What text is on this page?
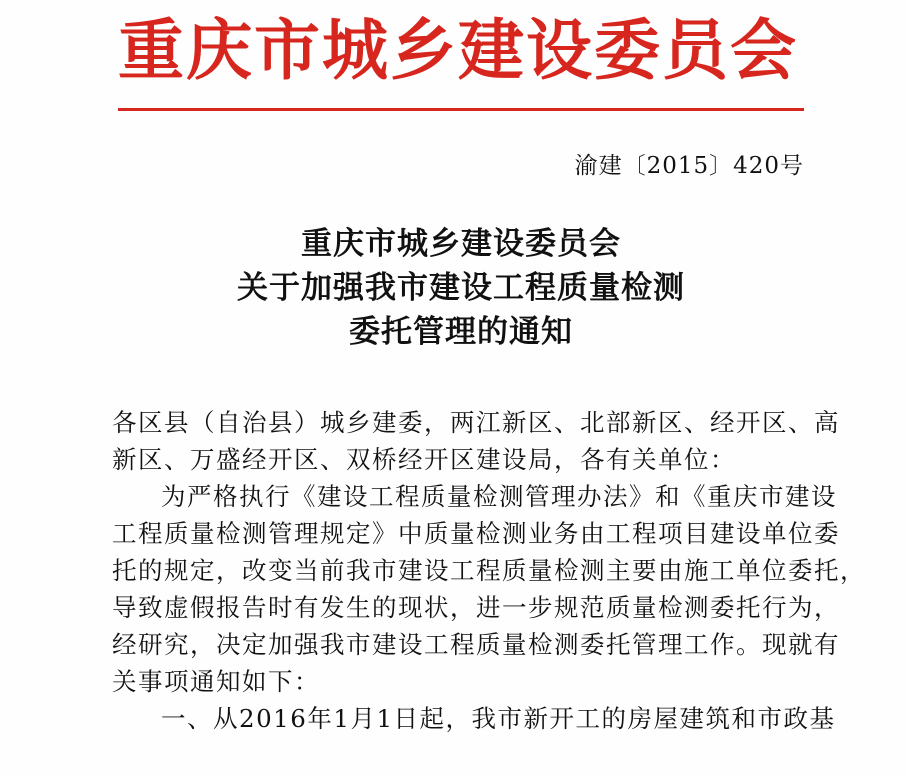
重庆市城乡建设委员会
渝建〔2015〕420号
重庆市城乡建设委员会
关于加强我市建设工程质量检测
委托管理的通知
各区县（自治县）城乡建委，两江新区、北部新区、经开区、高
新区、万盛经开区、双桥经开区建设局，各有关单位：
为严格执行《建设工程质量检测管理办法》和《重庆市建设
工程质量检测管理规定》中质量检测业务由工程项目建设单位委
托的规定，改变当前我市建设工程质量检测主要由施工单位委托，
导致虚假报告时有发生的现状，进一步规范质量检测委托行为，
经研究，决定加强我市建设工程质量检测委托管理工作。现就有
关事项通知如下：
一、从2016年1月1日起，我市新开工的房屋建筑和市政基
